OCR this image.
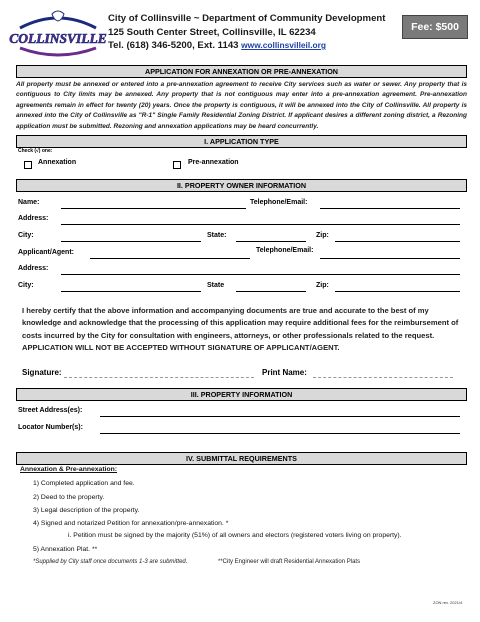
COLLINSVILLE
City of Collinsville ~ Department of Community Development
125 South Center Street, Collinsville, IL 62234
Tel. (618) 346-5200, Ext. 1143 www.collinsvilleil.org
Fee: $500
APPLICATION FOR ANNEXATION OR PRE-ANNEXATION
All property must be annexed or entered into a pre-annexation agreement to receive City services such as water or sewer. Any property that is contiguous to City limits may be annexed. Any property that is not contiguous may enter into a pre-annexation agreement. Pre-annexation agreements remain in effect for twenty (20) years. Once the property is contiguous, it will be annexed into the City of Collinsville. All property is annexed into the City of Collinsville as "R-1" Single Family Residential Zoning District. If applicant desires a different zoning district, a Rezoning application must be submitted. Rezoning and annexation applications may be heard concurrently.
I. APPLICATION TYPE
Check (√) one:
Annexation	Pre-annexation
II. PROPERTY OWNER INFORMATION
Name:	Telephone/Email:
Address:
City:	State:	Zip:
Applicant/Agent:	Telephone/Email:
Address:
City:	State	Zip:
I hereby certify that the above information and accompanying documents are true and accurate to the best of my knowledge and acknowledge that the processing of this application may require additional fees for the reimbursement of costs incurred by the City for consultation with engineers, attorneys, or other professionals related to the request. APPLICATION WILL NOT BE ACCEPTED WITHOUT SIGNATURE OF APPLICANT/AGENT.
Signature:	Print Name:
III. PROPERTY INFORMATION
Street Address(es):
Locator Number(s):
IV. SUBMITTAL REQUIREMENTS
Annexation & Pre-annexation:
1) Completed application and fee.
2) Deed to the property.
3) Legal description of the property.
4) Signed and notarized Petition for annexation/pre-annexation. *
i. Petition must be signed by the majority (51%) of all owners and electors (registered voters living on property).
5) Annexation Plat. **
*Supplied by City staff once documents 1-3 are submitted.	**City Engineer will draft Residential Annexation Plats
ZON rev. 2021/4
